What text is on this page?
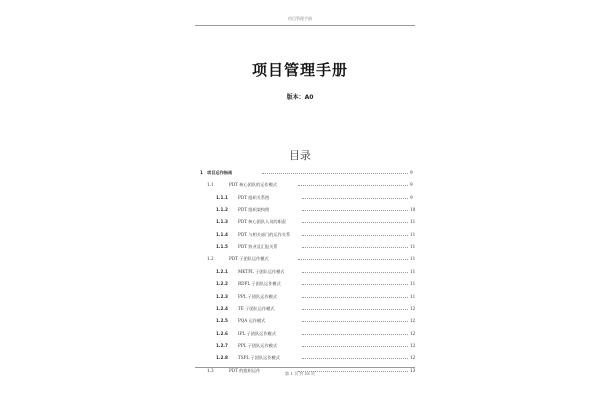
项目管理手册
项目管理手册
版本：A0
目录
1 项目运作指南	9
1.1	PDT 核心团队的运作模式	9
1.1.1 PDT 组织关系图	9
1.1.2 PDT 组织架构图	10
1.1.3 PDT 核心团队人员的职责	11
1.1.4 PDT 与相关部门的运作关系	11
1.1.5 PDT 协业及汇报关系	11
1.2	PDT 子团队运作模式	11
1.2.1 MKTPL 子团队运作模式	11
1.2.2 RDPL 子团队运作模式	11
1.2.3 PPL 子团队运作模式	11
1.2.4 TE 子团队运作模式	12
1.2.5 PQA 运作模式	12
1.2.6 IPL 子团队运作模式	12
1.2.7 PPL 子团队运作模式	12
1.2.8 TSPL 子团队运作模式	12
1.3	PDT 的组织运作	13
第 1 页 共 18 页
